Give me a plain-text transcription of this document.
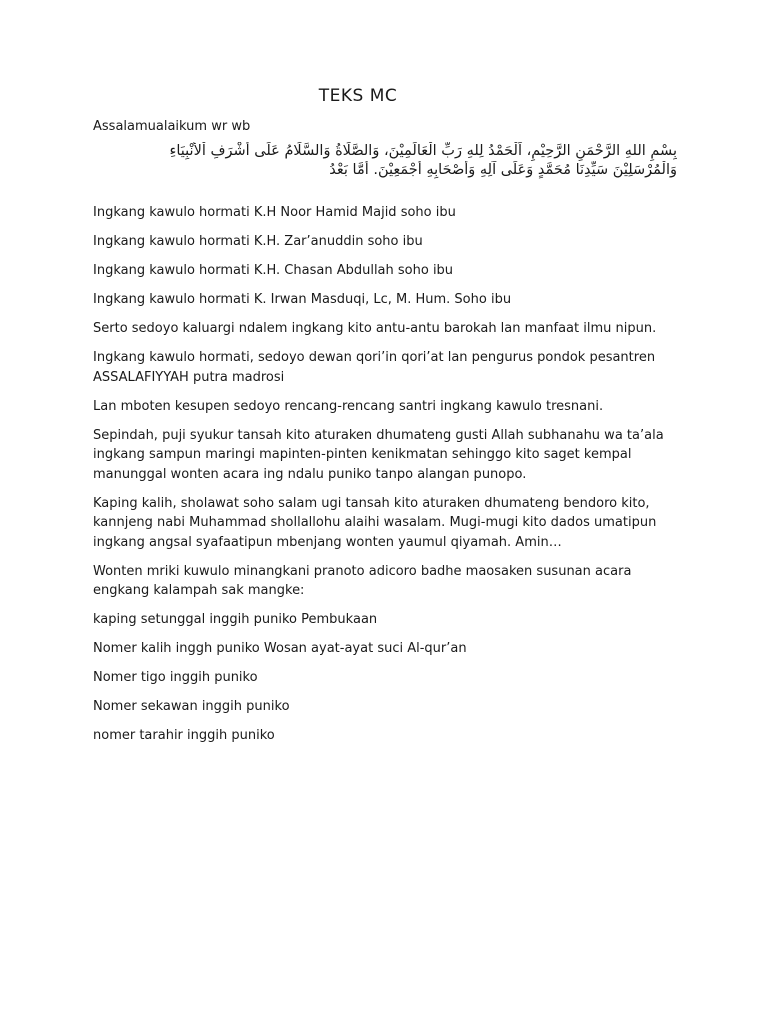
TEKS MC
Assalamualaikum wr wb
بِسْمِ اللهِ الرَّحْمَنِ الرَّحِيْمِ، اَلْحَمْدُ لِلهِ رَبِّ الْعَالَمِيْنَ، وَالصَّلَاةُ وَالسَّلَامُ عَلَى أَشْرَفِ اْلأَنْبِيَاءِ
وَالْمُرْسَلِيْنَ سَيِّدِنَا مُحَمَّدٍ وَعَلَى آلِهِ وَأَصْحَابِهِ أَجْمَعِيْنَ. أَمَّا بَعْدُ

Ingkang kawulo hormati K.H Noor Hamid Majid soho ibu

Ingkang kawulo hormati K.H. Zar’anuddin soho ibu

Ingkang kawulo hormati K.H. Chasan Abdullah soho ibu

Ingkang kawulo hormati K. Irwan Masduqi, Lc, M. Hum. Soho ibu

Serto sedoyo kaluargi ndalem ingkang kito antu-antu barokah lan manfaat ilmu nipun.

Ingkang kawulo hormati, sedoyo dewan qori’in qori’at lan pengurus pondok pesantren ASSALAFIYYAH putra madrosi

Lan mboten kesupen sedoyo rencang-rencang santri ingkang kawulo tresnani.

Sepindah, puji syukur tansah kito aturaken dhumateng gusti Allah subhanahu wa ta’ala ingkang sampun maringi mapinten-pinten kenikmatan sehinggo kito saget kempal manunggal wonten acara ing ndalu puniko tanpo alangan punopo.

Kaping kalih, sholawat soho salam ugi tansah kito aturaken dhumateng bendoro kito, kannjeng nabi Muhammad shollallohu alaihi wasalam. Mugi-mugi kito dados umatipun ingkang angsal syafaatipun mbenjang wonten yaumul qiyamah. Amin…

Wonten mriki kuwulo minangkani pranoto adicoro badhe maosaken susunan acara engkang kalampah sak mangke:

kaping setunggal inggih puniko Pembukaan

Nomer kalih inggh puniko Wosan ayat-ayat suci Al-qur’an

Nomer tigo inggih puniko

Nomer sekawan inggih puniko

nomer tarahir inggih puniko
